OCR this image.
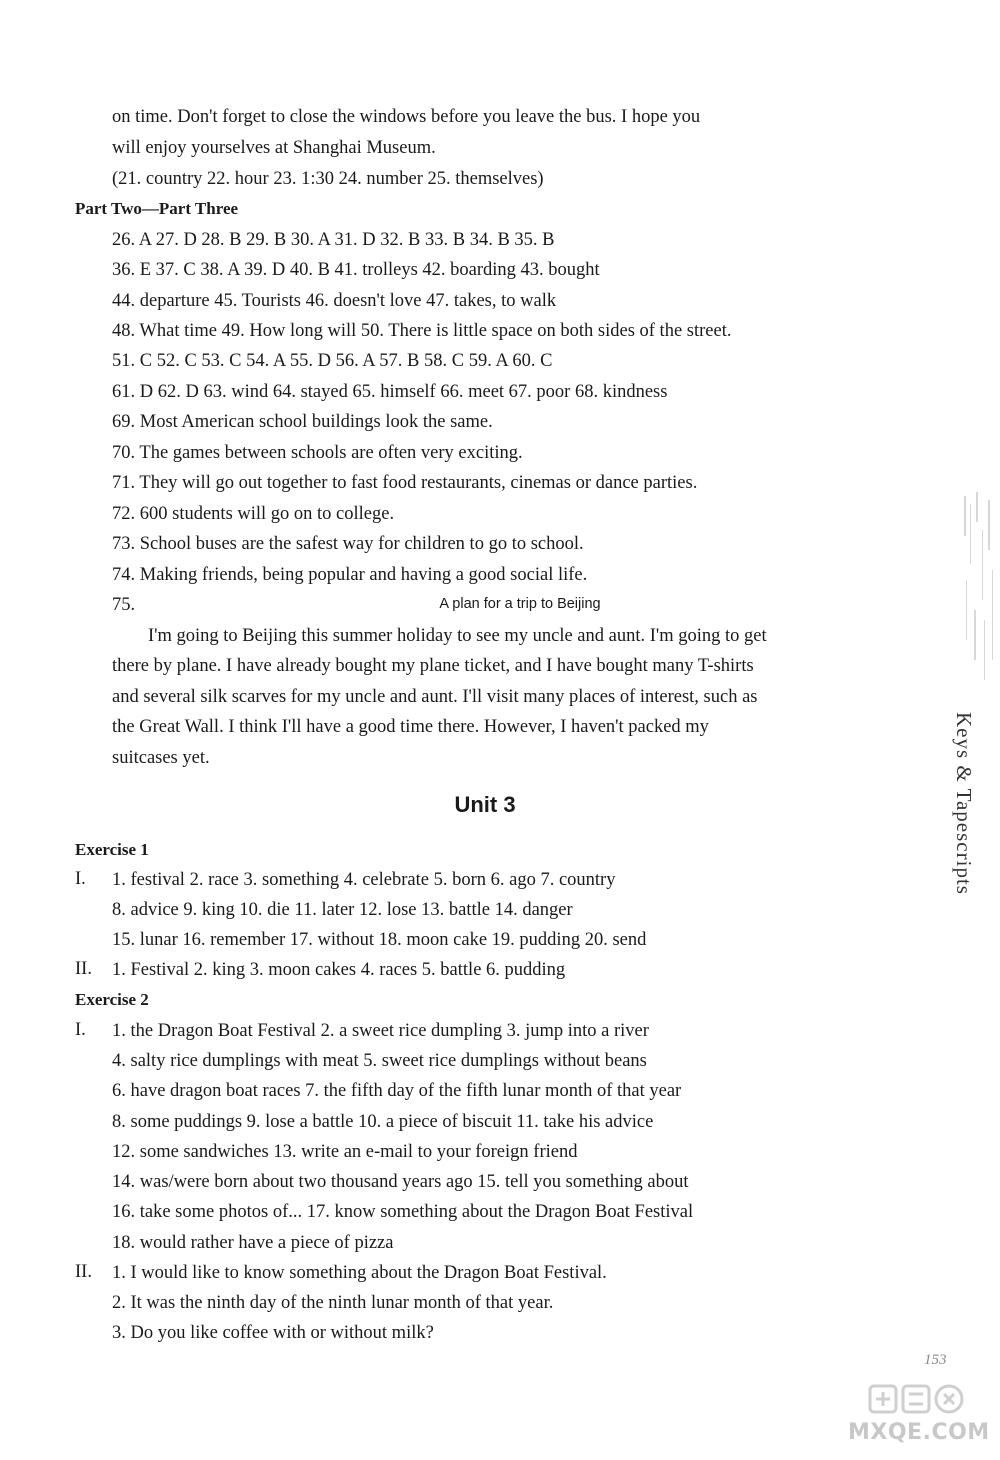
on time. Don't forget to close the windows before you leave the bus. I hope you
will enjoy yourselves at Shanghai Museum.
(21. country 22. hour 23. 1:30 24. number 25. themselves)
Part Two—Part Three
26. A 27. D 28. B 29. B 30. A 31. D 32. B 33. B 34. B 35. B
36. E 37. C 38. A 39. D 40. B 41. trolleys 42. boarding 43. bought
44. departure 45. Tourists 46. doesn't love 47. takes, to walk
48. What time 49. How long will 50. There is little space on both sides of the street.
51. C 52. C 53. C 54. A 55. D 56. A 57. B 58. C 59. A 60. C
61. D 62. D 63. wind 64. stayed 65. himself 66. meet 67. poor 68. kindness
69. Most American school buildings look the same.
70. The games between schools are often very exciting.
71. They will go out together to fast food restaurants, cinemas or dance parties.
72. 600 students will go on to college.
73. School buses are the safest way for children to go to school.
74. Making friends, being popular and having a good social life.
75.	A plan for a trip to Beijing
I'm going to Beijing this summer holiday to see my uncle and aunt. I'm going to get
there by plane. I have already bought my plane ticket, and I have bought many T-shirts
and several silk scarves for my uncle and aunt. I'll visit many places of interest, such as
the Great Wall. I think I'll have a good time there. However, I haven't packed my
suitcases yet.
Unit 3
Exercise 1
I. 1. festival 2. race 3. something 4. celebrate 5. born 6. ago 7. country
8. advice 9. king 10. die 11. later 12. lose 13. battle 14. danger
15. lunar 16. remember 17. without 18. moon cake 19. pudding 20. send
II. 1. Festival 2. king 3. moon cakes 4. races 5. battle 6. pudding
Exercise 2
I. 1. the Dragon Boat Festival 2. a sweet rice dumpling 3. jump into a river
4. salty rice dumplings with meat 5. sweet rice dumplings without beans
6. have dragon boat races 7. the fifth day of the fifth lunar month of that year
8. some puddings 9. lose a battle 10. a piece of biscuit 11. take his advice
12. some sandwiches 13. write an e-mail to your foreign friend
14. was/were born about two thousand years ago 15. tell you something about
16. take some photos of... 17. know something about the Dragon Boat Festival
18. would rather have a piece of pizza
II. 1. I would like to know something about the Dragon Boat Festival.
2. It was the ninth day of the ninth lunar month of that year.
3. Do you like coffee with or without milk?
Keys & Tapescripts
153
MXQE.COM
